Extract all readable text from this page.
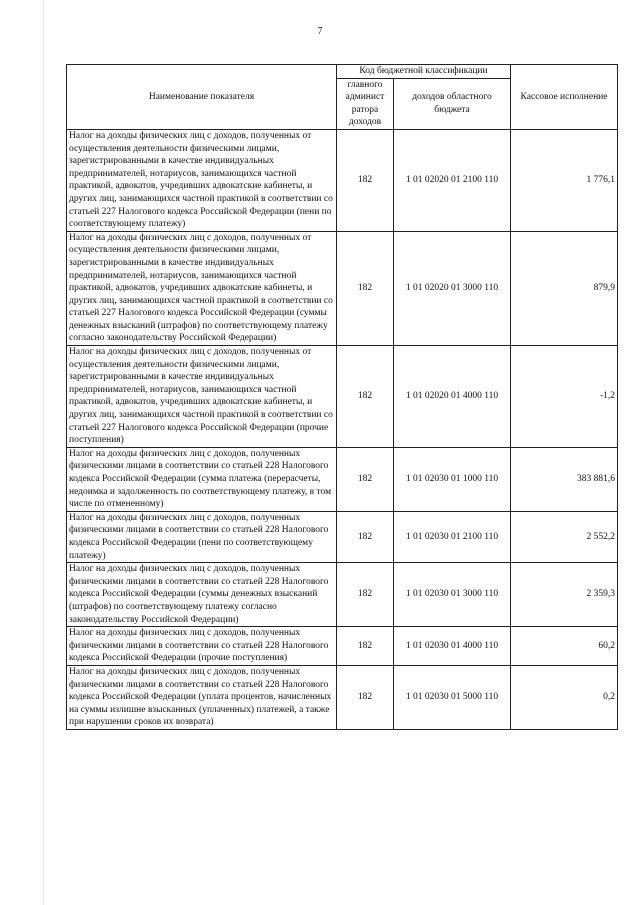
7
Наименование показателя	Код бюджетной классификации		Кассовое исполнение
	главного админист ратора доходов	доходов областного бюджета	
Налог на доходы физических лиц с доходов, полученных от осуществления деятельности физическими лицами, зарегистрированными в качестве индивидуальных предпринимателей, нотариусов, занимающихся частной практикой, адвокатов, учредивших адвокатские кабинеты, и других лиц, занимающихся частной практикой в соответствии со статьей 227 Налогового кодекса Российской Федерации (пени по соответствующему платежу)	182	1 01 02020 01 2100 110	1 776,1
Налог на доходы физических лиц с доходов, полученных от осуществления деятельности физическими лицами, зарегистрированными в качестве индивидуальных предпринимателей, нотариусов, занимающихся частной практикой, адвокатов, учредивших адвокатские кабинеты, и других лиц, занимающихся частной практикой в соответствии со статьей 227 Налогового кодекса Российской Федерации (суммы денежных взысканий (штрафов) по соответствующему платежу согласно законодательству Российской Федерации)	182	1 01 02020 01 3000 110	879,9
Налог на доходы физических лиц с доходов, полученных от осуществления деятельности физическими лицами, зарегистрированными в качестве индивидуальных предпринимателей, нотариусов, занимающихся частной практикой, адвокатов, учредивших адвокатские кабинеты, и других лиц, занимающихся частной практикой в соответствии со статьей 227 Налогового кодекса Российской Федерации (прочие поступления)	182	1 01 02020 01 4000 110	-1,2
Налог на доходы физических лиц с доходов, полученных физическими лицами в соответствии со статьей 228 Налогового кодекса Российской Федерации (сумма платежа (перерасчеты, недоимка и задолженность по соответствующему платежу, в том числе по отмененному)	182	1 01 02030 01 1000 110	383 881,6
Налог на доходы физических лиц с доходов, полученных физическими лицами в соответствии со статьей 228 Налогового кодекса Российской Федерации (пени по соответствующему платежу)	182	1 01 02030 01 2100 110	2 552,2
Налог на доходы физических лиц с доходов, полученных физическими лицами в соответствии со статьей 228 Налогового кодекса Российской Федерации (суммы денежных взысканий (штрафов) по соответствующему платежу согласно законодательству Российской Федерации)	182	1 01 02030 01 3000 110	2 359,3
Налог на доходы физических лиц с доходов, полученных физическими лицами в соответствии со статьей 228 Налогового кодекса Российской Федерации (прочие поступления)	182	1 01 02030 01 4000 110	60,2
Налог на доходы физических лиц с доходов, полученных физическими лицами в соответствии со статьей 228 Налогового кодекса Российской Федерации (уплата процентов, начисленных на суммы излишне взысканных (уплаченных) платежей, а также при нарушении сроков их возврата)	182	1 01 02030 01 5000 110	0,2
